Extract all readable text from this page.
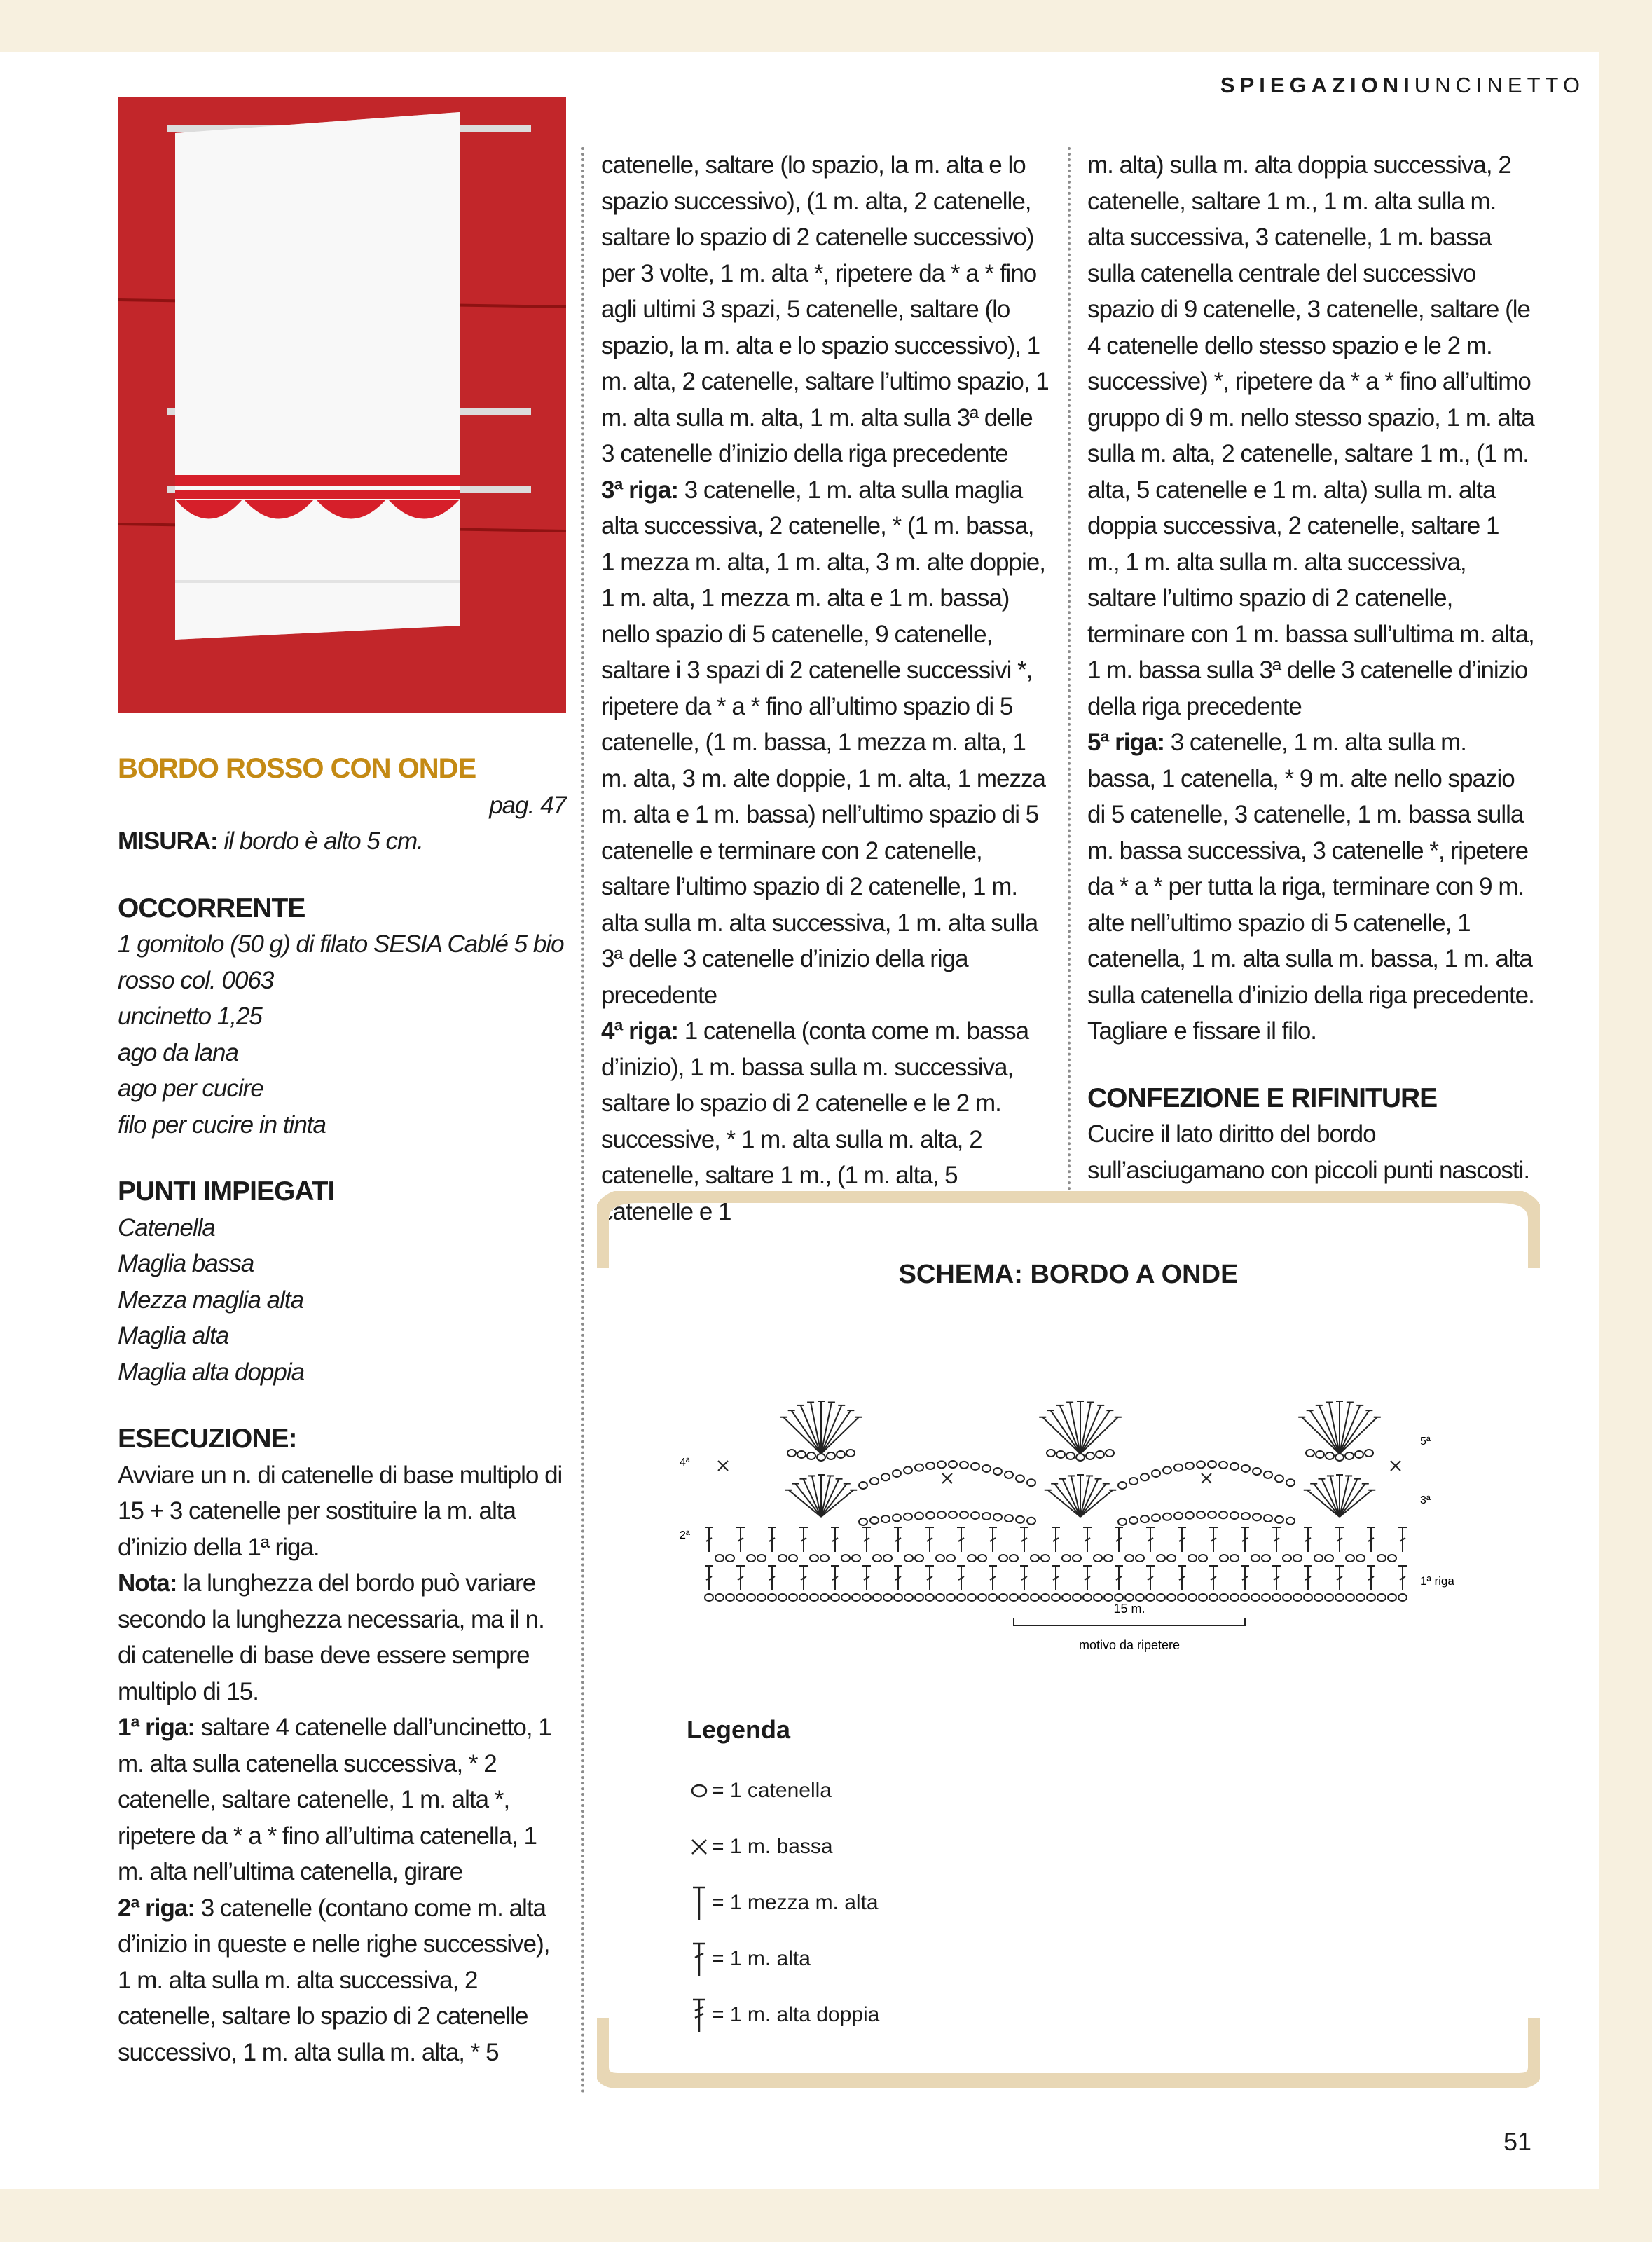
SPIEGAZIONIUNCINETTO

BORDO ROSSO CON ONDE

pag. 47

MISURA: il bordo è alto 5 cm.

OCCORRENTE

1 gomitolo (50 g) di filato SESIA Cablé 5 bio rosso col. 0063

uncinetto 1,25

ago da lana

ago per cucire

filo per cucire in tinta

PUNTI IMPIEGATI

Catenella

Maglia bassa

Mezza maglia alta

Maglia alta

Maglia alta doppia

ESECUZIONE:

Avviare un n. di catenelle di base multiplo di 15 + 3 catenelle per sostituire la m. alta d’inizio della 1ª riga.

Nota: la lunghezza del bordo può variare secondo la lunghezza necessaria, ma il n. di catenelle di base deve essere sempre multiplo di 15.

1ª riga: saltare 4 catenelle dall’uncinetto, 1 m. alta sulla catenella successiva, * 2 catenelle, saltare catenelle, 1 m. alta *, ripetere da * a * fino all’ultima catenella, 1 m. alta nell’ultima catenella, girare

2ª riga: 3 catenelle (contano come m. alta d’inizio in queste e nelle righe successive), 1 m. alta sulla m. alta successiva, 2 catenelle, saltare lo spazio di 2 catenelle successivo, 1 m. alta sulla m. alta, * 5

catenelle, saltare (lo spazio, la m. alta e lo spazio successivo), (1 m. alta, 2 catenelle, saltare lo spazio di 2 catenelle successivo) per 3 volte, 1 m. alta *, ripetere da * a * fino agli ultimi 3 spazi, 5 catenelle, saltare (lo spazio, la m. alta e lo spazio successivo), 1 m. alta, 2 catenelle, saltare l’ultimo spazio, 1 m. alta sulla m. alta, 1 m. alta sulla 3ª delle 3 catenelle d’inizio della riga precedente

3ª riga: 3 catenelle, 1 m. alta sulla maglia alta successiva, 2 catenelle, * (1 m. bassa, 1 mezza m. alta, 1 m. alta, 3 m. alte doppie, 1 m. alta, 1 mezza m. alta e 1 m. bassa) nello spazio di 5 catenelle, 9 catenelle, saltare i 3 spazi di 2 catenelle successivi *, ripetere da * a * fino all’ultimo spazio di 5 catenelle, (1 m. bassa, 1 mezza m. alta, 1 m. alta, 3 m. alte doppie, 1 m. alta, 1 mezza m. alta e 1 m. bassa) nell’ultimo spazio di 5 catenelle e terminare con 2 catenelle, saltare l’ultimo spazio di 2 catenelle, 1 m. alta sulla m. alta successiva, 1 m. alta sulla 3ª delle 3 catenelle d’inizio della riga precedente

4ª riga: 1 catenella (conta come m. bassa d’inizio), 1 m. bassa sulla m. successiva, saltare lo spazio di 2 catenelle e le 2 m. successive, * 1 m. alta sulla m. alta, 2 catenelle, saltare 1 m., (1 m. alta, 5 catenelle e 1

m. alta) sulla m. alta doppia successiva, 2 catenelle, saltare 1 m., 1 m. alta sulla m. alta successiva, 3 catenelle, 1 m. bassa sulla catenella centrale del successivo spazio di 9 catenelle, 3 catenelle, saltare (le 4 catenelle dello stesso spazio e le 2 m. successive) *, ripetere da * a * fino all’ultimo gruppo di 9 m. nello stesso spazio, 1 m. alta sulla m. alta, 2 catenelle, saltare 1 m., (1 m. alta, 5 catenelle e 1 m. alta) sulla m. alta doppia successiva, 2 catenelle, saltare 1 m., 1 m. alta sulla m. alta successiva, saltare l’ultimo spazio di 2 catenelle, terminare con 1 m. bassa sull’ultima m. alta, 1 m. bassa sulla 3ª delle 3 catenelle d’inizio della riga precedente

5ª riga: 3 catenelle, 1 m. alta sulla m. bassa, 1 catenella, * 9 m. alte nello spazio di 5 catenelle, 3 catenelle, 1 m. bassa sulla m. bassa successiva, 3 catenelle *, ripetere da * a * per tutta la riga, terminare con 9 m. alte nell’ultimo spazio di 5 catenelle, 1 catenella, 1 m. alta sulla m. bassa, 1 m. alta sulla catenella d’inizio della riga precedente. Tagliare e fissare il filo.

CONFEZIONE E RIFINITURE

Cucire il lato diritto del bordo sull’asciugamano con piccoli punti nascosti.

SCHEMA: BORDO A ONDE
5ª
4ª
3ª
2ª
1ª riga
15 m.
motivo da ripetere
Legenda
= 1 catenella
= 1 m. bassa
= 1 mezza m. alta
= 1 m. alta
= 1 m. alta doppia
51
